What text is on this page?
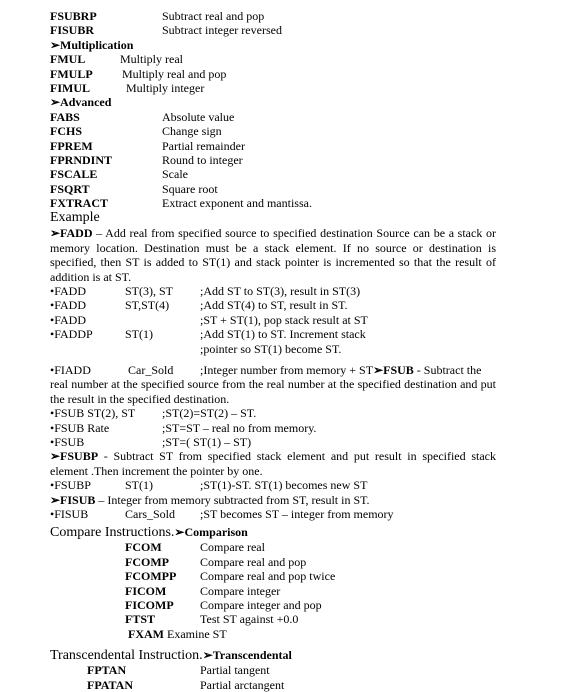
FSUBRP	Subtract real and pop
FISUBR	Subtract integer reversed
➢Multiplication
FMUL	Multiply real
FMULP Multiply real and pop
FIMUL	Multiply integer
➢Advanced
FABS	Absolute value
FCHS	Change sign
FPREM	Partial remainder
FPRNDINT	Round to integer
FSCALE	Scale
FSQRT	Square root
FXTRACT	Extract exponent and mantissa.
Example

➢FADD – Add real from specified source to specified destination Source can be a stack or memory location. Destination must be a stack element. If no source or destination is specified, then ST is added to ST(1) and stack pointer is incremented so that the result of addition is at ST.

•FADD	ST(3), ST ;Add ST to ST(3), result in ST(3)
•FADD	ST,ST(4)	;Add ST(4) to ST, result in ST.
•FADD	;ST + ST(1), pop stack result at ST
•FADDP	ST(1)	;Add ST(1) to ST. Increment stack
;pointer so ST(1) become ST.
•FIADD	Car_Sold ;Integer number from memory + ST➢FSUB - Subtract the

real number at the specified source from the real number at the specified destination and put the result in the specified destination.

•FSUB ST(2), ST ;ST(2)=ST(2) – ST.
•FSUB Rate	;ST=ST – real no from memory.
•FSUB	;ST=( ST(1) – ST)

➢FSUBP - Subtract ST from specified stack element and put result in specified stack element .Then increment the pointer by one.

•FSUBP	ST(1)	;ST(1)-ST. ST(1) becomes new ST

➢FISUB – Integer from memory subtracted from ST, result in ST.

•FISUB	Cars_Sold ;ST becomes ST – integer from memory
Compare Instructions.➢Comparison
FCOM	Compare real
FCOMP	Compare real and pop
FCOMPP Compare real and pop twice
FICOM	Compare integer
FICOMP Compare integer and pop
FTST	Test ST against +0.0
FXAM Examine ST
Transcendental Instruction.➢Transcendental
FPTAN	Partial tangent
FPATAN	Partial arctangent
